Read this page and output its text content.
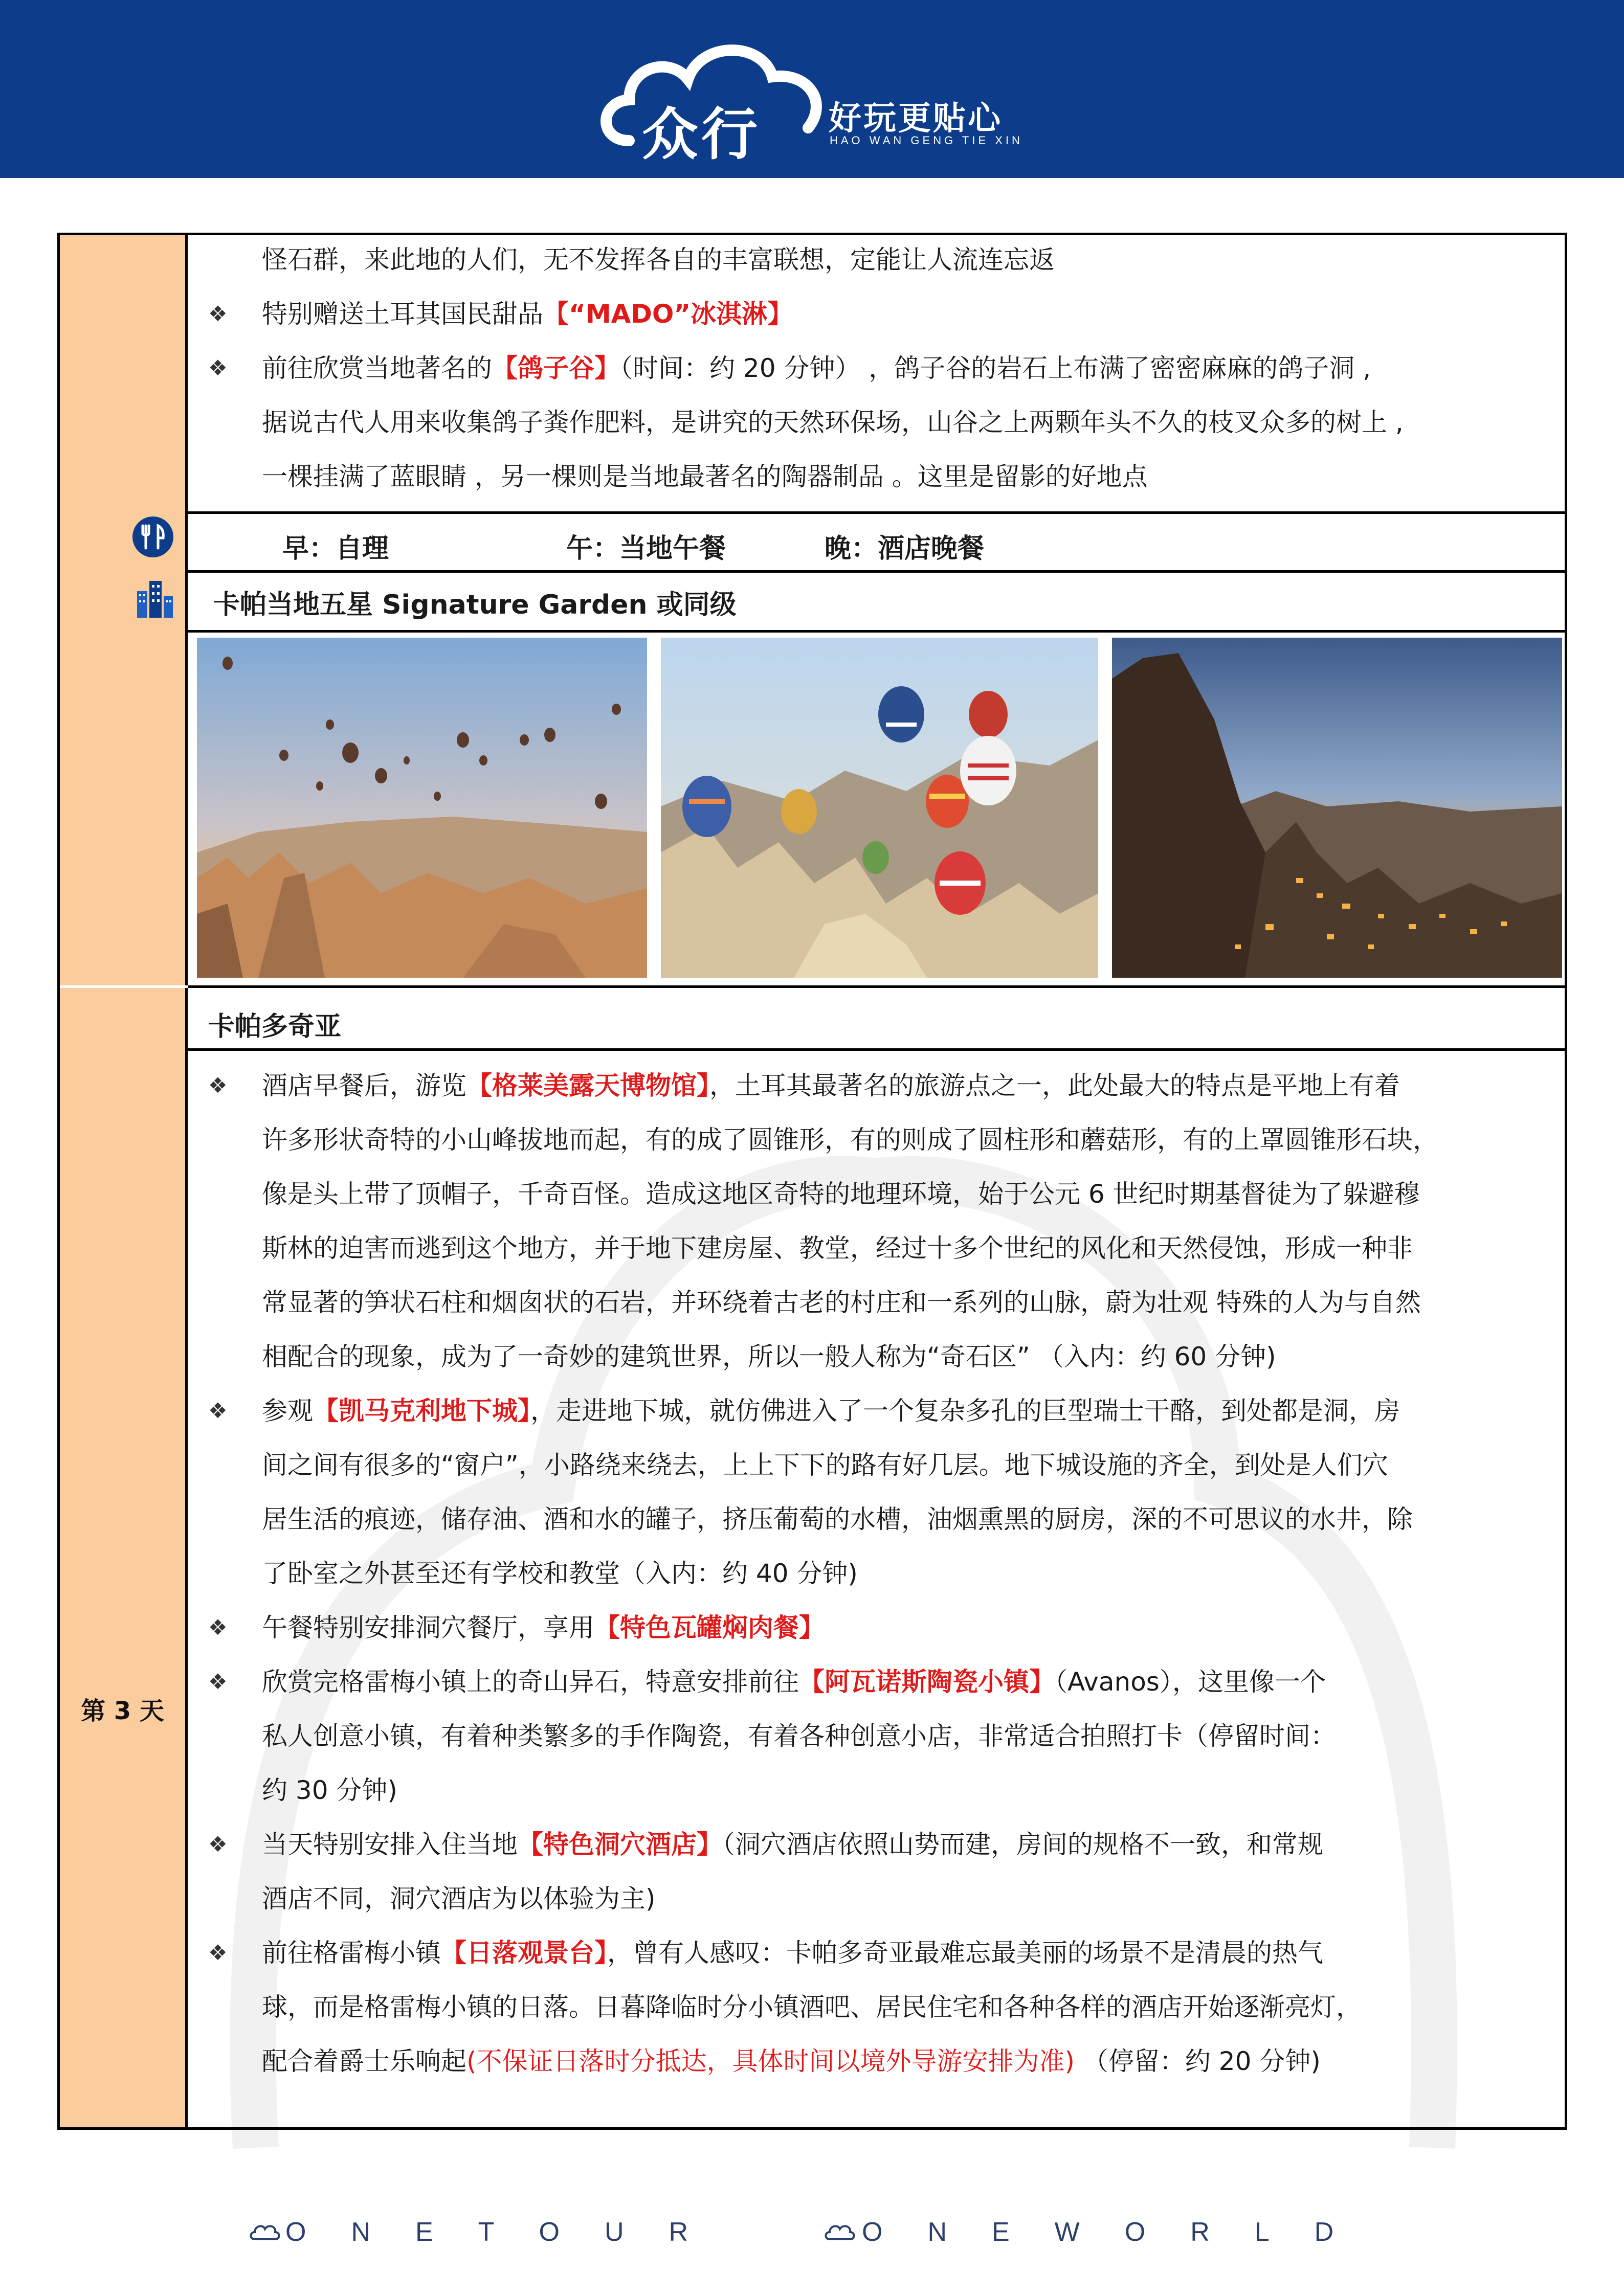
众行 好玩更贴心
HAO WAN GENG TIE XIN
第 3 天
怪石群，来此地的人们，无不发挥各自的丰富联想，定能让人流连忘返
❖	特别赠送土耳其国民甜品【“MADO”冰淇淋】
❖	前往欣赏当地著名的【鸽子谷】（时间：约 20 分钟） ，鸽子谷的岩石上布满了密密麻麻的鸽子洞 ,
据说古代人用来收集鸽子粪作肥料，是讲究的天然环保场，山谷之上两颗年头不久的枝叉众多的树上 ,
一棵挂满了蓝眼睛 ，另一棵则是当地最著名的陶器制品 。这里是留影的好地点
早：自理	午：当地午餐	晚：酒店晚餐
卡帕当地五星 Signature Garden 或同级
卡帕多奇亚
❖	酒店早餐后，游览【格莱美露天博物馆】，土耳其最著名的旅游点之一，此处最大的特点是平地上有着
许多形状奇特的小山峰拔地而起，有的成了圆锥形，有的则成了圆柱形和蘑菇形，有的上罩圆锥形石块，
像是头上带了顶帽子，千奇百怪。造成这地区奇特的地理环境，始于公元 6 世纪时期基督徒为了躲避穆
斯林的迫害而逃到这个地方，并于地下建房屋、教堂，经过十多个世纪的风化和天然侵蚀，形成一种非
常显著的笋状石柱和烟囱状的石岩，并环绕着古老的村庄和一系列的山脉，蔚为壮观 特殊的人为与自然
相配合的现象，成为了一奇妙的建筑世界，所以一般人称为“奇石区” （入内：约 60 分钟)
❖	参观【凯马克利地下城】，走进地下城，就仿佛进入了一个复杂多孔的巨型瑞士干酪，到处都是洞，房
间之间有很多的“窗户”，小路绕来绕去，上上下下的路有好几层。地下城设施的齐全，到处是人们穴
居生活的痕迹，储存油、酒和水的罐子，挤压葡萄的水槽，油烟熏黑的厨房，深的不可思议的水井，除
了卧室之外甚至还有学校和教堂（入内：约 40 分钟)
❖	午餐特别安排洞穴餐厅，享用【特色瓦罐焖肉餐】
❖	欣赏完格雷梅小镇上的奇山异石，特意安排前往【阿瓦诺斯陶瓷小镇】（Avanos），这里像一个
私人创意小镇，有着种类繁多的手作陶瓷，有着各种创意小店，非常适合拍照打卡（停留时间：
约 30 分钟)
❖	当天特别安排入住当地【特色洞穴酒店】（洞穴酒店依照山势而建，房间的规格不一致，和常规
酒店不同，洞穴酒店为以体验为主)
❖	前往格雷梅小镇【日落观景台】，曾有人感叹：卡帕多奇亚最难忘最美丽的场景不是清晨的热气
球，而是格雷梅小镇的日落。日暮降临时分小镇酒吧、居民住宅和各种各样的酒店开始逐渐亮灯，
配合着爵士乐响起(不保证日落时分抵达，具体时间以境外导游安排为准) （停留：约 20 分钟)
ONETOUR	ONEWORLD
